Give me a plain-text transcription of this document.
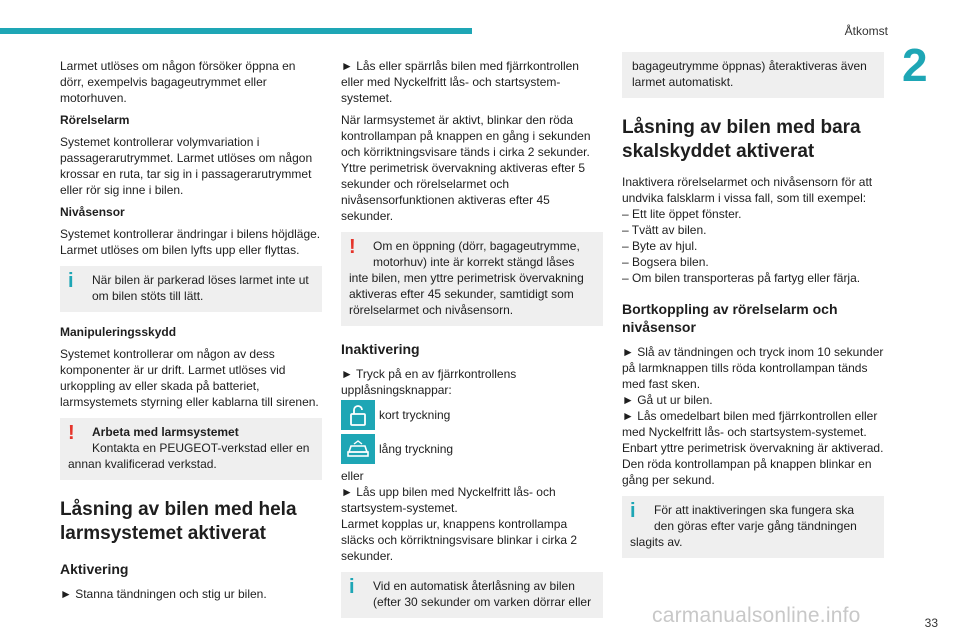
Åtkomst
2

Larmet utlöses om någon försöker öppna en dörr, exempelvis bagageutrymmet eller motorhuven.

Rörelselarm

Systemet kontrollerar volymvariation i passagerarutrymmet. Larmet utlöses om någon krossar en ruta, tar sig in i passagerarutrymmet eller rör sig inne i bilen.

Nivåsensor

Systemet kontrollerar ändringar i bilens höjdläge. Larmet utlöses om bilen lyfts upp eller flyttas.

i	När bilen är parkerad löses larmet inte ut om bilen stöts till lätt.
Manipuleringsskydd

Systemet kontrollerar om någon av dess komponenter är ur drift. Larmet utlöses vid urkoppling av eller skada på batteriet, larmsystemets styrning eller kablarna till sirenen.

!	Arbeta med larmsystemet
Kontakta en PEUGEOT-verkstad eller en annan kvalificerad verkstad.
Låsning av bilen med hela larmsystemet aktiverat
Aktivering

► Stanna tändningen och stig ur bilen.

► Lås eller spärrlås bilen med fjärrkontrollen eller med Nyckelfritt lås- och startsystem-systemet.

När larmsystemet är aktivt, blinkar den röda kontrollampan på knappen en gång i sekunden och körriktningsvisare tänds i cirka 2 sekunder.

Yttre perimetrisk övervakning aktiveras efter 5 sekunder och rörelselarmet och nivåsensorfunktionen aktiveras efter 45 sekunder.

!	Om en öppning (dörr, bagageutrymme, motorhuv) inte är korrekt stängd låses inte bilen, men yttre perimetrisk övervakning aktiveras efter 45 sekunder, samtidigt som rörelselarmet och nivåsensorn.
Inaktivering

► Tryck på en av fjärrkontrollens upplåsningsknappar:

kort tryckning
lång tryckning

eller

► Lås upp bilen med Nyckelfritt lås- och startsystem-systemet.

Larmet kopplas ur, knappens kontrollampa släcks och körriktningsvisare blinkar i cirka 2 sekunder.

i	Vid en automatisk återlåsning av bilen (efter 30 sekunder om varken dörrar eller
bagageutrymme öppnas) återaktiveras även larmet automatiskt.
Låsning av bilen med bara skalskyddet aktiverat

Inaktivera rörelselarmet och nivåsensorn för att undvika falsklarm i vissa fall, som till exempel:

– Ett lite öppet fönster.
– Tvätt av bilen.
– Byte av hjul.
– Bogsera bilen.
– Om bilen transporteras på fartyg eller färja.
Bortkoppling av rörelselarm och nivåsensor

► Slå av tändningen och tryck inom 10 sekunder på larmknappen tills röda kontrollampan tänds med fast sken.

► Gå ut ur bilen.

► Lås omedelbart bilen med fjärrkontrollen eller med Nyckelfritt lås- och startsystem-systemet.

Enbart yttre perimetrisk övervakning är aktiverad. Den röda kontrollampan på knappen blinkar en gång per sekund.

i	För att inaktiveringen ska fungera ska den göras efter varje gång tändningen slagits av.
carmanualsonline.info	33
